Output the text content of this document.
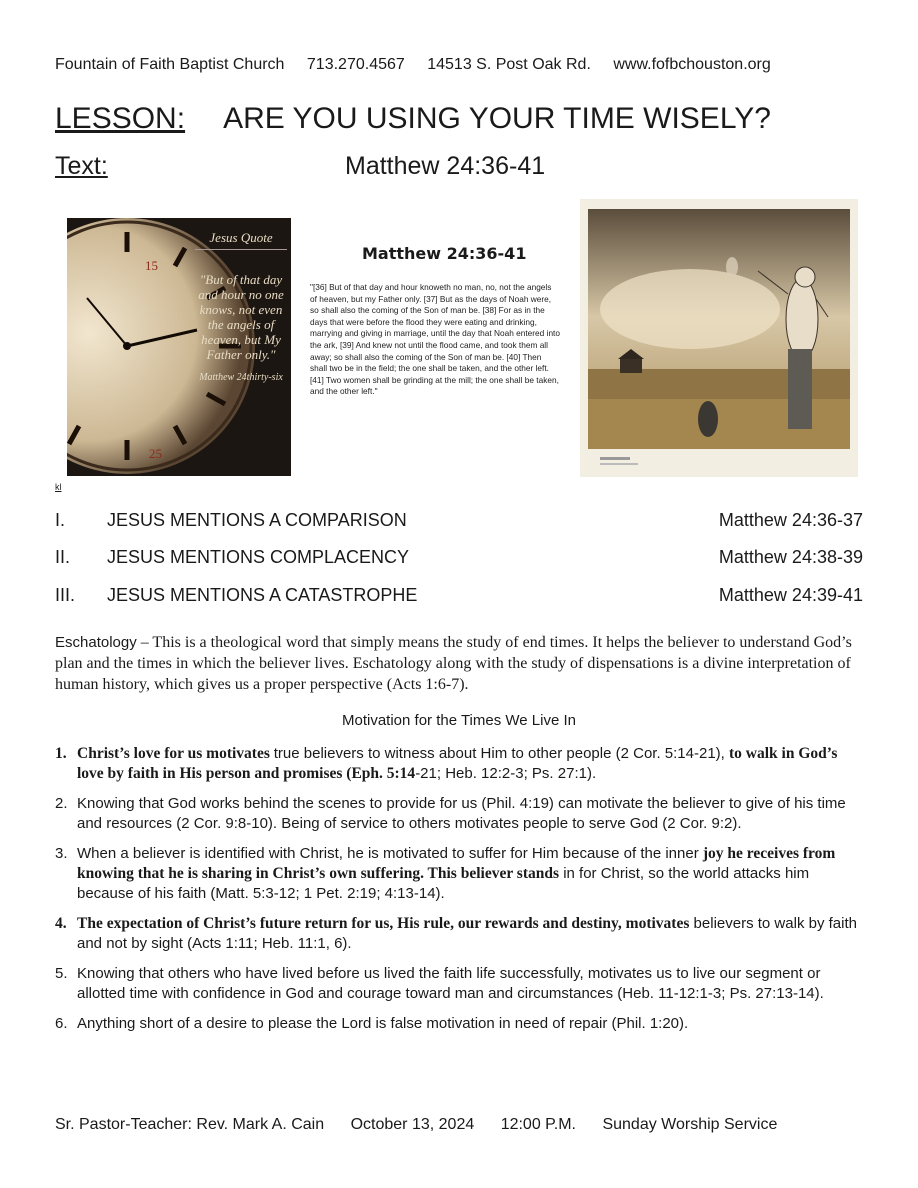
Fountain of Faith Baptist Church 713.270.4567 14513 S. Post Oak Rd. www.fofbchouston.org
LESSON: ARE YOU USING YOUR TIME WISELY?
Text:	Matthew 24:36-41
15
25
Jesus Quote
"But of that day and hour no one knows, not even the angels of heaven, but My Father only."
Matthew 24thirty-six
Matthew 24:36-41
"[36] But of that day and hour knoweth no man, no, not the angels of heaven, but my Father only. [37] But as the days of Noah were, so shall also the coming of the Son of man be. [38] For as in the days that were before the flood they were eating and drinking, marrying and giving in marriage, until the day that Noah entered into the ark, [39] And knew not until the flood came, and took them all away; so shall also the coming of the Son of man be. [40] Then shall two be in the field; the one shall be taken, and the other left. [41] Two women shall be grinding at the mill; the one shall be taken, and the other left."
kl
I. JESUS MENTIONS A COMPARISON	Matthew 24:36-37
II. JESUS MENTIONS COMPLACENCY	Matthew 24:38-39
III. JESUS MENTIONS A CATASTROPHE	Matthew 24:39-41
Eschatology – This is a theological word that simply means the study of end times. It helps the believer to understand God’s plan and the times in which the believer lives. Eschatology along with the study of dispensations is a divine interpretation of human history, which gives us a proper perspective (Acts 1:6-7).
Motivation for the Times We Live In
1. Christ’s love for us motivates true believers to witness about Him to other people (2 Cor. 5:14-21), to walk in God’s love by faith in His person and promises (Eph. 5:14-21; Heb. 12:2-3; Ps. 27:1).
2. Knowing that God works behind the scenes to provide for us (Phil. 4:19) can motivate the believer to give of his time and resources (2 Cor. 9:8-10). Being of service to others motivates people to serve God (2 Cor. 9:2).
3. When a believer is identified with Christ, he is motivated to suffer for Him because of the inner joy he receives from knowing that he is sharing in Christ’s own suffering. This believer stands in for Christ, so the world attacks him because of his faith (Matt. 5:3-12; 1 Pet. 2:19; 4:13-14).
4. The expectation of Christ’s future return for us, His rule, our rewards and destiny, motivates believers to walk by faith and not by sight (Acts 1:11; Heb. 11:1, 6).
5. Knowing that others who have lived before us lived the faith life successfully, motivates us to live our segment or allotted time with confidence in God and courage toward man and circumstances (Heb. 11-12:1-3; Ps. 27:13-14).
6. Anything short of a desire to please the Lord is false motivation in need of repair (Phil. 1:20).
Sr. Pastor-Teacher: Rev. Mark A. Cain October 13, 2024 12:00 P.M. Sunday Worship Service
